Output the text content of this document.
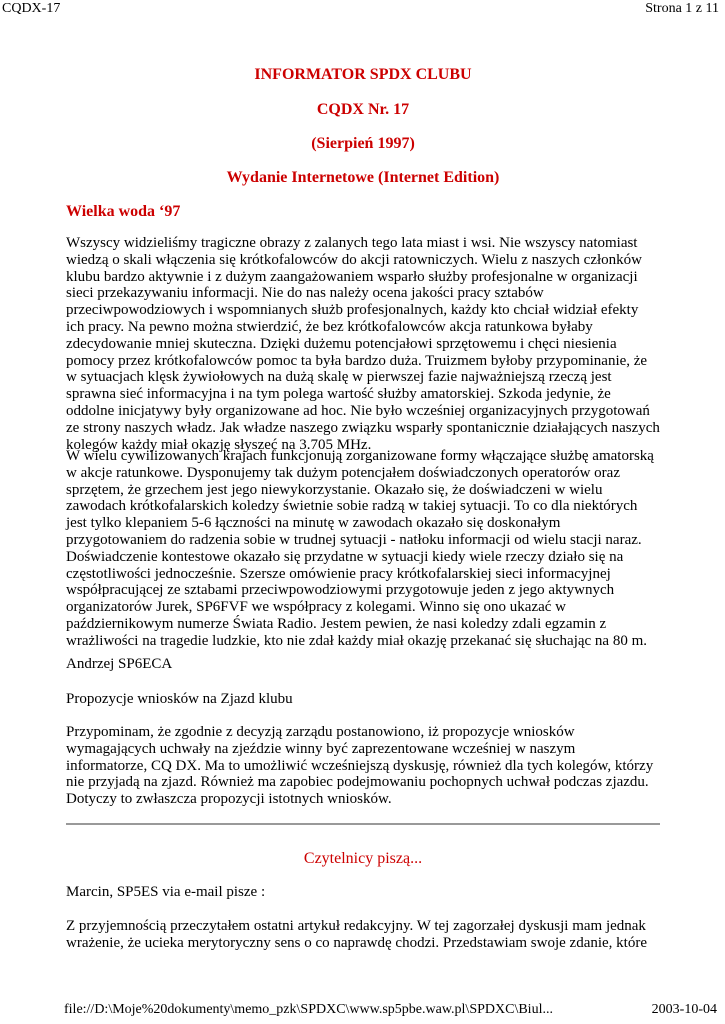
CQDX-17	Strona 1 z 11
INFORMATOR SPDX CLUBU
CQDX Nr. 17
(Sierpień 1997)
Wydanie Internetowe (Internet Edition)
Wielka woda ‘97

Wszyscy widzieliśmy tragiczne obrazy z zalanych tego lata miast i wsi. Nie wszyscy natomiast wiedzą o skali włączenia się krótkofalowców do akcji ratowniczych. Wielu z naszych członków klubu bardzo aktywnie i z dużym zaangażowaniem wsparło służby profesjonalne w organizacji sieci przekazywaniu informacji. Nie do nas należy ocena jakości pracy sztabów przeciwpowodziowych i wspomnianych służb profesjonalnych, każdy kto chciał widział efekty ich pracy. Na pewno można stwierdzić, że bez krótkofalowców akcja ratunkowa byłaby zdecydowanie mniej skuteczna. Dzięki dużemu potencjałowi sprzętowemu i chęci niesienia pomocy przez krótkofalowców pomoc ta była bardzo duża. Truizmem byłoby przypominanie, że w sytuacjach klęsk żywiołowych na dużą skalę w pierwszej fazie najważniejszą rzeczą jest sprawna sieć informacyjna i na tym polega wartość służby amatorskiej. Szkoda jedynie, że oddolne inicjatywy były organizowane ad hoc. Nie było wcześniej organizacyjnych przygotowań ze strony naszych władz. Jak władze naszego związku wsparły spontanicznie działających naszych kolegów każdy miał okazję słyszeć na 3.705 MHz.

W wielu cywilizowanych krajach funkcjonują zorganizowane formy włączające służbę amatorską w akcje ratunkowe. Dysponujemy tak dużym potencjałem doświadczonych operatorów oraz sprzętem, że grzechem jest jego niewykorzystanie. Okazało się, że doświadczeni w wielu zawodach krótkofalarskich koledzy świetnie sobie radzą w takiej sytuacji. To co dla niektórych jest tylko klepaniem 5-6 łączności na minutę w zawodach okazało się doskonałym przygotowaniem do radzenia sobie w trudnej sytuacji - natłoku informacji od wielu stacji naraz. Doświadczenie kontestowe okazało się przydatne w sytuacji kiedy wiele rzeczy działo się na częstotliwości jednocześnie. Szersze omówienie pracy krótkofalarskiej sieci informacyjnej współpracującej ze sztabami przeciwpowodziowymi przygotowuje jeden z jego aktywnych organizatorów Jurek, SP6FVF we współpracy z kolegami. Winno się ono ukazać w październikowym numerze Świata Radio. Jestem pewien, że nasi koledzy zdali egzamin z wrażliwości na tragedie ludzkie, kto nie zdał każdy miał okazję przekanać się słuchając na 80 m.

Andrzej SP6ECA

Propozycje wniosków na Zjazd klubu

Przypominam, że zgodnie z decyzją zarządu postanowiono, iż propozycje wniosków wymagających uchwały na zjeździe winny być zaprezentowane wcześniej w naszym informatorze, CQ DX. Ma to umożliwić wcześniejszą dyskusję, również dla tych kolegów, którzy nie przyjadą na zjazd. Również ma zapobiec podejmowaniu pochopnych uchwał podczas zjazdu. Dotyczy to zwłaszcza propozycji istotnych wniosków.

Czytelnicy piszą...

Marcin, SP5ES via e-mail pisze :

Z przyjemnością przeczytałem ostatni artykuł redakcyjny. W tej zagorzałej dyskusji mam jednak wrażenie, że ucieka merytoryczny sens o co naprawdę chodzi. Przedstawiam swoje zdanie, które

file://D:\Moje%20dokumenty\memo_pzk\SPDXC\www.sp5pbe.waw.pl\SPDXC\Biul...	2003-10-04
